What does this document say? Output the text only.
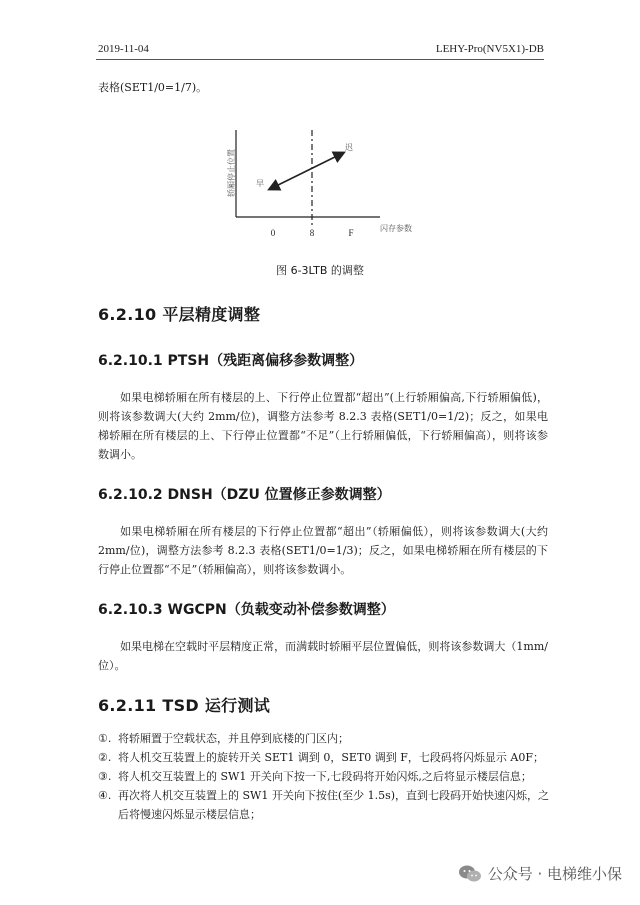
2019-11-04	LEHY-Pro(NV5X1)-DB
表格(SET1/0=1/7)。
轿厢停止位置	早
迟
0	8	F	闪存参数
图 6-3LTB 的调整
6.2.10 平层精度调整
6.2.10.1 PTSH（残距离偏移参数调整）
如果电梯轿厢在所有楼层的上、下行停止位置都“超出”(上行轿厢偏高,下行轿厢偏低)，则将该参数调大(大约 2mm/位)，调整方法参考 8.2.3 表格(SET1/0=1/2)；反之，如果电梯轿厢在所有楼层的上、下行停止位置都“不足”（上行轿厢偏低，下行轿厢偏高），则将该参数调小。
6.2.10.2 DNSH（DZU 位置修正参数调整）
如果电梯轿厢在所有楼层的下行停止位置都“超出”（轿厢偏低），则将该参数调大(大约 2mm/位)，调整方法参考 8.2.3 表格(SET1/0=1/3)；反之，如果电梯轿厢在所有楼层的下行停止位置都“不足”（轿厢偏高），则将该参数调小。
6.2.10.3 WGCPN（负载变动补偿参数调整）
如果电梯在空载时平层精度正常，而满载时轿厢平层位置偏低，则将该参数调大（1mm/位）。
6.2.11 TSD 运行测试
①. 将轿厢置于空载状态，并且停到底楼的门区内；
②. 将人机交互装置上的旋转开关 SET1 调到 0，SET0 调到 F，七段码将闪烁显示 A0F；
③. 将人机交互装置上的 SW1 开关向下按一下,七段码将开始闪烁,之后将显示楼层信息；
④. 再次将人机交互装置上的 SW1 开关向下按住(至少 1.5s)，直到七段码开始快速闪烁，之后将慢速闪烁显示楼层信息；
公众号 · 电梯维小保
